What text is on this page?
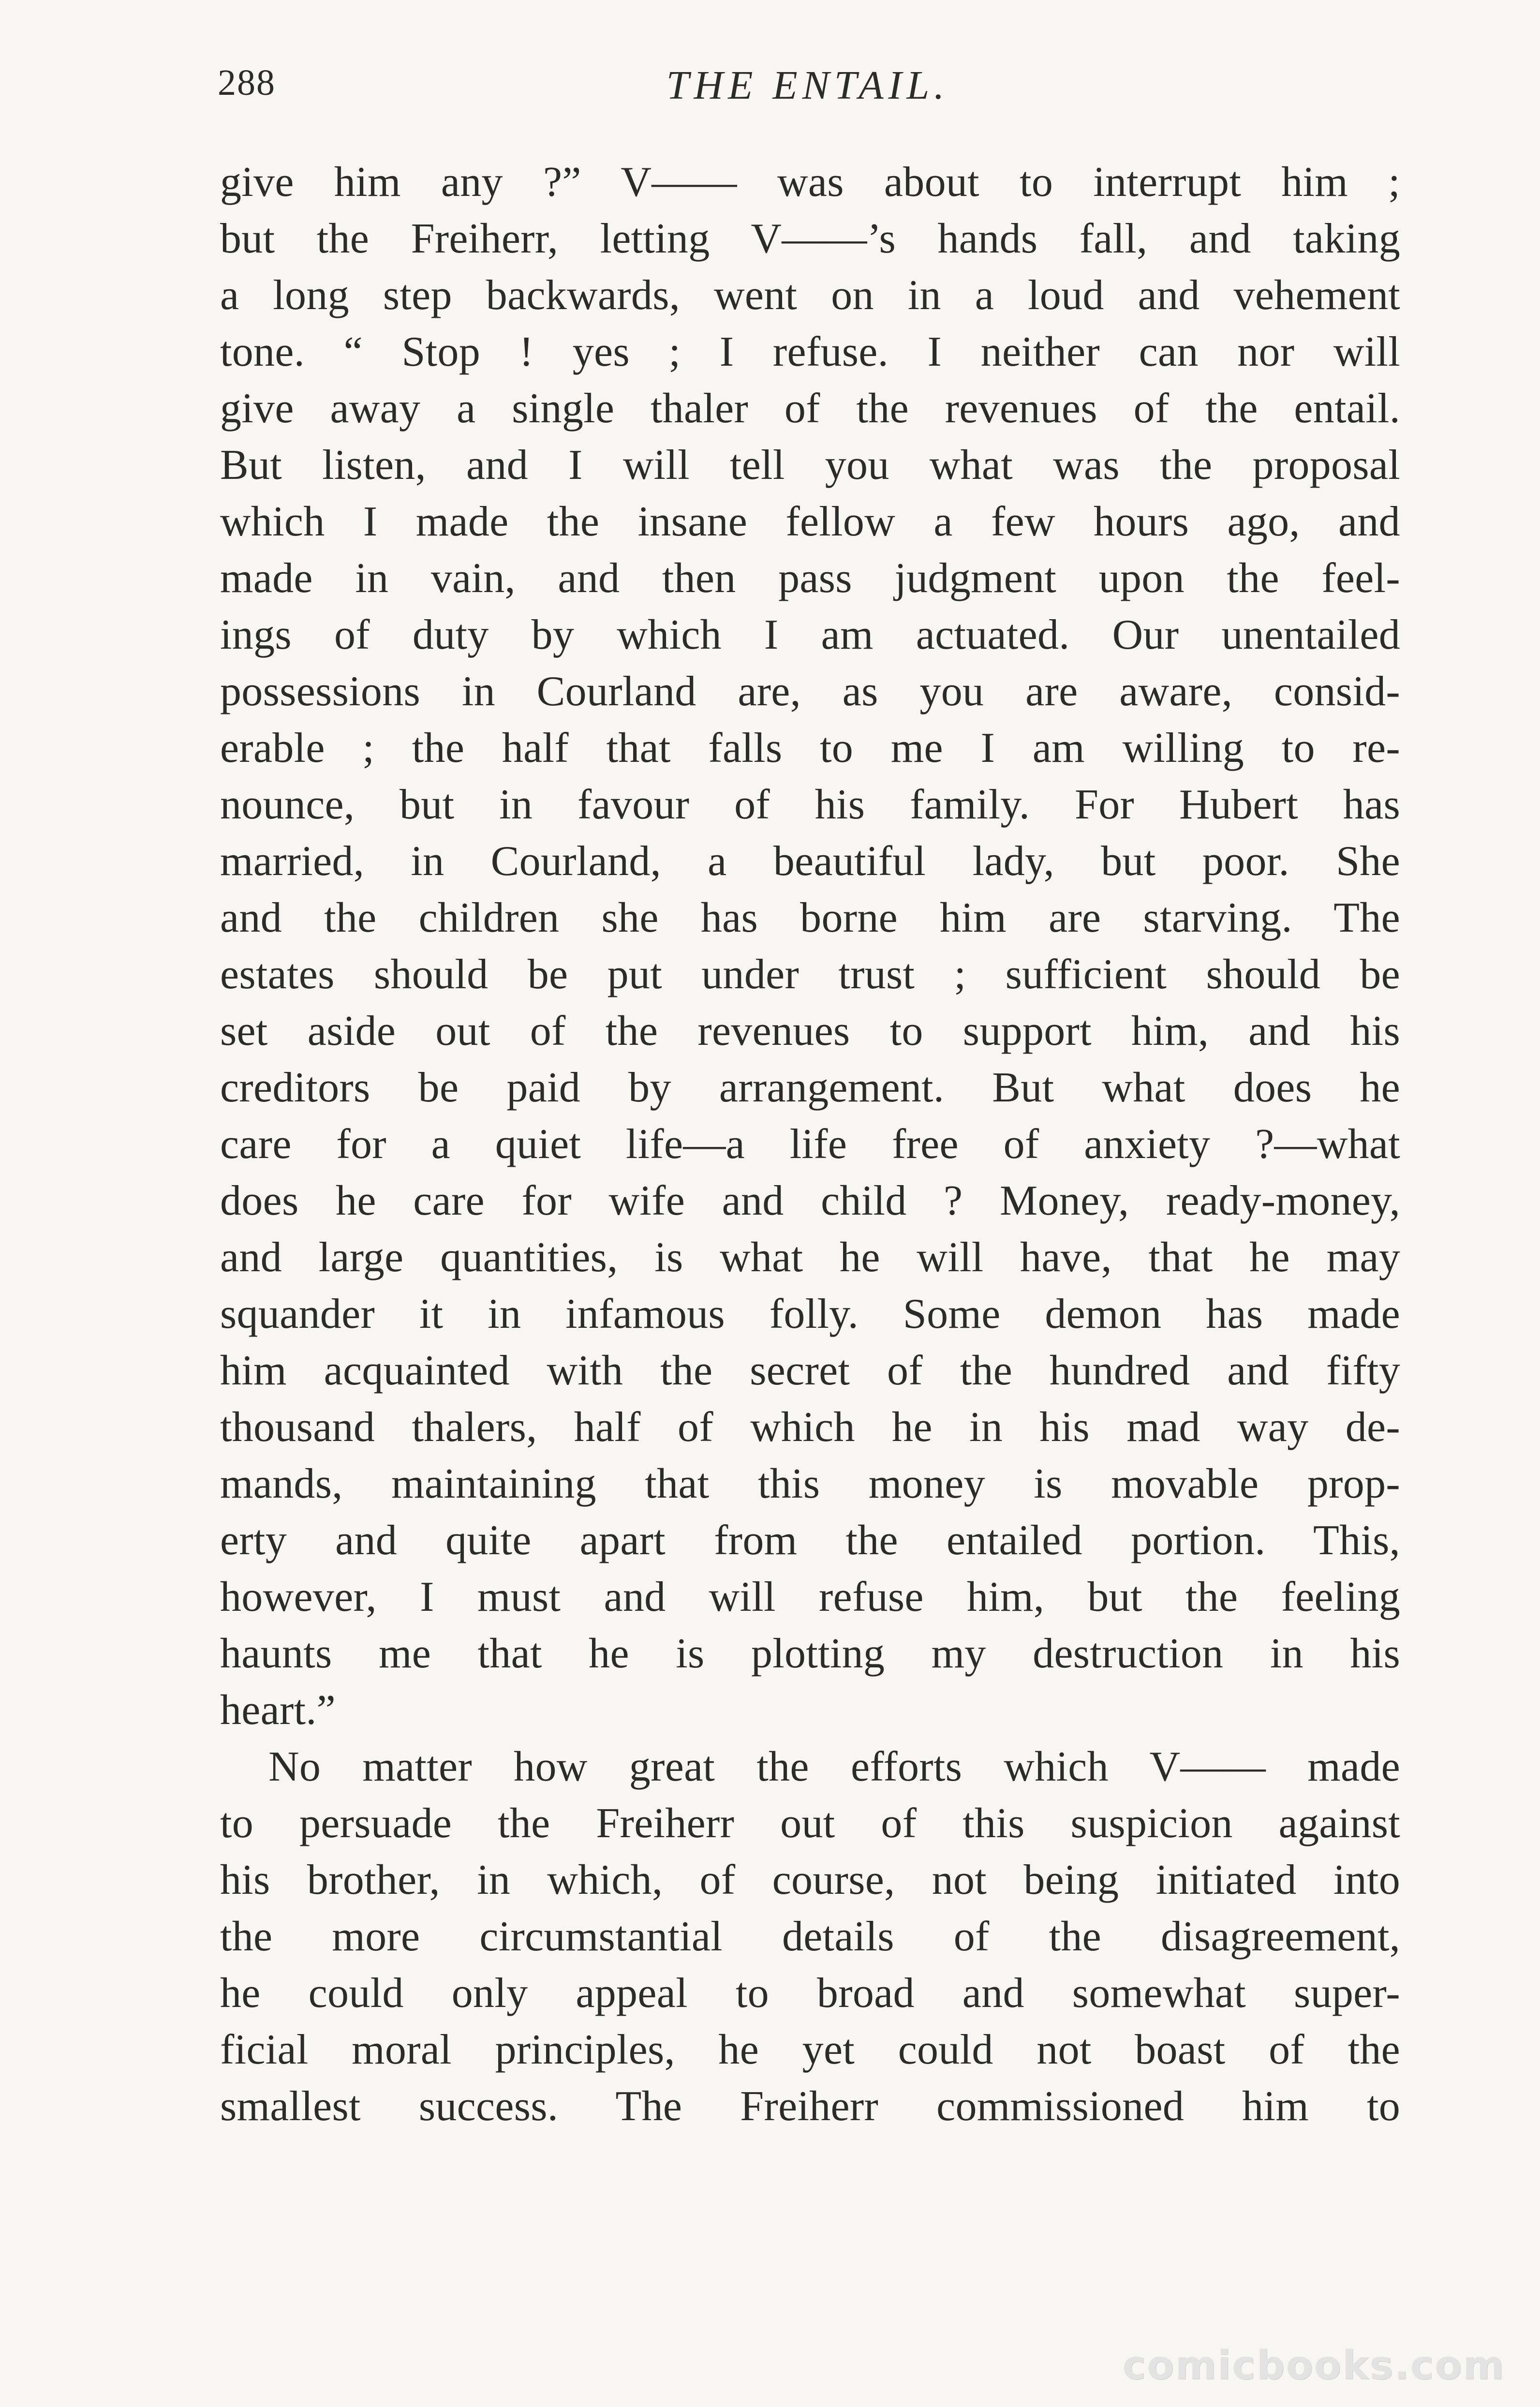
288	THE ENTAIL.
give him any ?” V—— was about to interrupt him ;
but the Freiherr, letting V——’s hands fall, and taking
a long step backwards, went on in a loud and vehement
tone. “ Stop ! yes ; I refuse. I neither can nor will
give away a single thaler of the revenues of the entail.
But listen, and I will tell you what was the proposal
which I made the insane fellow a few hours ago, and
made in vain, and then pass judgment upon the feel-
ings of duty by which I am actuated. Our unentailed
possessions in Courland are, as you are aware, consid-
erable ; the half that falls to me I am willing to re-
nounce, but in favour of his family. For Hubert has
married, in Courland, a beautiful lady, but poor. She
and the children she has borne him are starving. The
estates should be put under trust ; sufficient should be
set aside out of the revenues to support him, and his
creditors be paid by arrangement. But what does he
care for a quiet life—a life free of anxiety ?—what
does he care for wife and child ? Money, ready-money,
and large quantities, is what he will have, that he may
squander it in infamous folly. Some demon has made
him acquainted with the secret of the hundred and fifty
thousand thalers, half of which he in his mad way de-
mands, maintaining that this money is movable prop-
erty and quite apart from the entailed portion. This,
however, I must and will refuse him, but the feeling
haunts me that he is plotting my destruction in his
heart.”
No matter how great the efforts which V—— made
to persuade the Freiherr out of this suspicion against
his brother, in which, of course, not being initiated into
the more circumstantial details of the disagreement,
he could only appeal to broad and somewhat super-
ficial moral principles, he yet could not boast of the
smallest success. The Freiherr commissioned him to
comicbooks.com
